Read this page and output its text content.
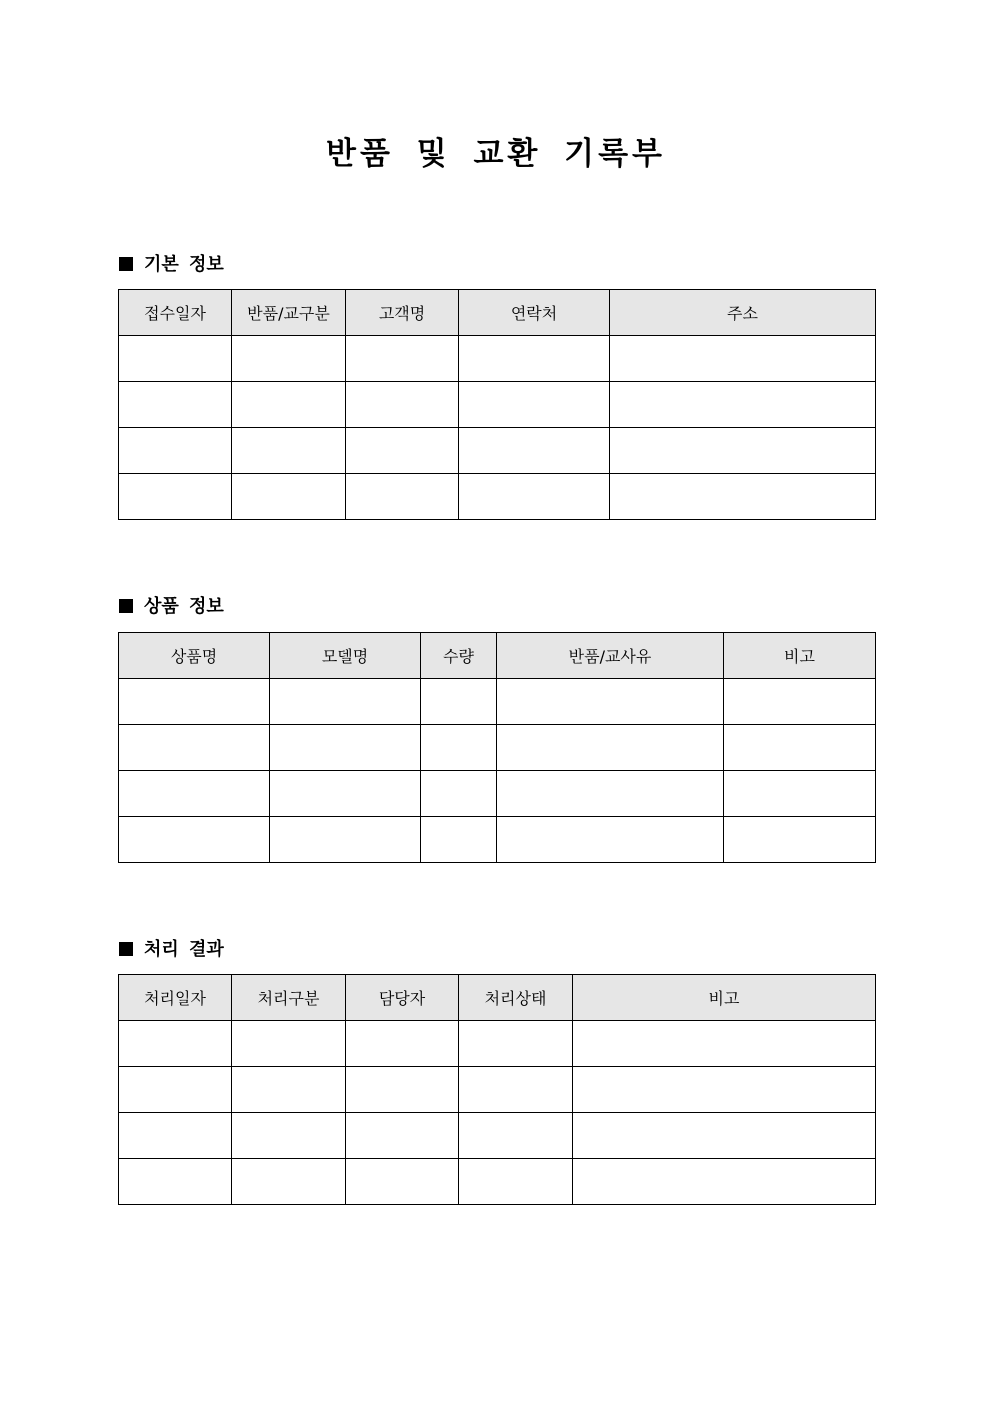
반품 및 교환 기록부
기본 정보
접수일자	반품/교구분	고객명	연락처	주소

상품 정보
상품명	모델명	수량	반품/교사유	비고

처리 결과
처리일자	처리구분	담당자	처리상태	비고
